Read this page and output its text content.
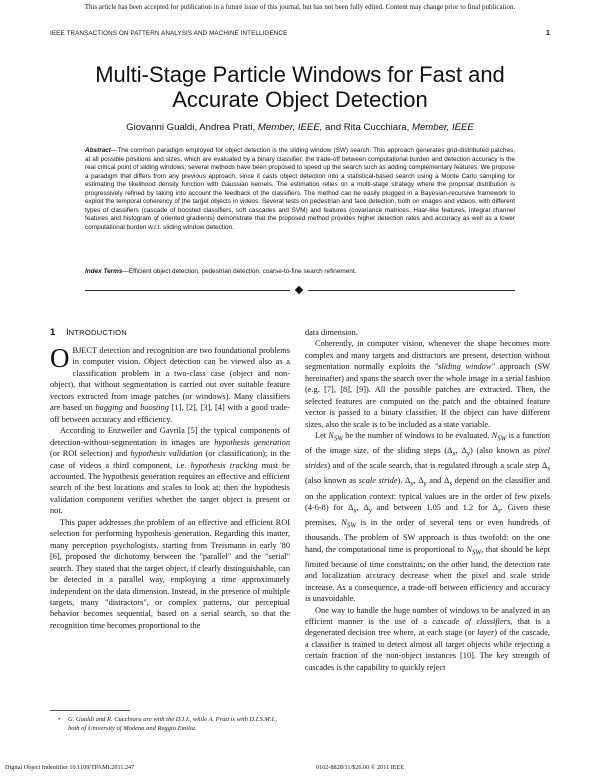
This article has been accepted for publication in a future issue of this journal, but has not been fully edited. Content may change prior to final publication.
IEEE TRANSACTIONS ON PATTERN ANALYSIS AND MACHINE INTELLIGENCE	1
Multi-Stage Particle Windows for Fast and
Accurate Object Detection
Giovanni Gualdi, Andrea Prati, Member, IEEE, and Rita Cucchiara, Member, IEEE
Abstract—The common paradigm employed for object detection is the sliding window (SW) search. This approach generates grid-distributed patches, at all possible positions and sizes, which are evaluated by a binary classifier: the trade-off between computational burden and detection accuracy is the real critical point of sliding windows; several methods have been proposed to speed up the search such as adding complementary features. We propose a paradigm that differs from any previous approach, since it casts object detection into a statistical-based search using a Monte Carlo sampling for estimating the likelihood density function with Gaussian kernels. The estimation relies on a multi-stage strategy where the proposal distribution is progressively refined by taking into account the feedback of the classifiers. The method can be easily plugged in a Bayesian-recursive framework to exploit the temporal coherency of the target objects in videos. Several tests on pedestrian and face detection, both on images and videos, with different types of classifiers (cascade of boosted classifiers, soft cascades and SVM) and features (covariance matrices, Haar-like features, integral channel features and histogram of oriented gradients) demonstrate that the proposed method provides higher detection rates and accuracy as well as a lower computational burden w.r.t. sliding window detection.
Index Terms—Efficient object detection, pedestrian detection, coarse-to-fine search refinement.
1 INTRODUCTION

OBJECT detection and recognition are two foundational problems in computer vision. Object detection can be viewed also as a classification problem in a two-class case (object and non-object), that without segmentation is carried out over suitable feature vectors extracted from image patches (or windows). Many classifiers are based on bagging and boosting [1], [2], [3], [4] with a good trade-off between accuracy and efficiency.

According to Enzweiler and Gavrila [5] the typical components of detection-without-segmentation in images are hypothesis generation (or ROI selection) and hypothesis validation (or classification); in the case of videos a third component, i.e. hypothesis tracking must be accounted. The hypothesis generation requires an effective and efficient search of the best locations and scales to look at; then the hypothesis validation component verifies whether the target object is present or not.

This paper addresses the problem of an effective and efficient ROI selection for performing hypothesis generation. Regarding this matter, many perception psychologists, starting from Treismann in early '80 [6], proposed the dichotomy between the "parallel" and the "serial" search. They stated that the target object, if clearly distinguishable, can be detected in a parallel way, employing a time approximately independent on the data dimension. Instead, in the presence of multiple targets, many "distractors", or complex patterns, our perceptual behavior becomes sequential, based on a serial search, so that the recognition time becomes proportional to the

• G. Gualdi and R. Cucchiara are with the D.I.I., while A. Prati is with D.I.S.M.I., both of University of Modena and Reggio Emilia.

data dimension.

Coherently, in computer vision, whenever the shape becomes more complex and many targets and distractors are present, detection without segmentation normally exploits the "sliding window" approach (SW hereinafter) and spans the search over the whole image in a serial fashion (e.g. [7], [8], [9]). All the possible patches are extracted. Then, the selected features are computed on the patch and the obtained feature vector is passed to a binary classifier. If the object can have different sizes, also the scale is to be included as a state variable.

Let $N_{SW}$ be the number of windows to be evaluated. $N_{SW}$ is a function of the image size, of the sliding steps ($\Delta_x$, $\Delta_y$) (also known as pixel strides) and of the scale search, that is regulated through a scale step $\Delta_s$ (also known as scale stride). $\Delta_x$, $\Delta_y$ and $\Delta_s$ depend on the classifier and on the application context: typical values are in the order of few pixels (4-6-8) for $\Delta_x$, $\Delta_y$ and between 1.05 and 1.2 for $\Delta_s$. Given these premises, $N_{SW}$ is in the order of several tens or even hundreds of thousands. The problem of SW approach is thus twofold: on the one hand, the computational time is proportional to $N_{SW}$, that should be kept limited because of time constraints; on the other hand, the detection rate and localization accuracy decrease when the pixel and scale stride increase. As a consequence, a trade-off between efficiency and accuracy is unavoidable.

One way to handle the huge number of windows to be analyzed in an efficient manner is the use of a cascade of classifiers, that is a degenerated decision tree where, at each stage (or layer) of the cascade, a classifier is trained to detect almost all target objects while rejecting a certain fraction of the non-object instances [10]. The key strength of cascades is the capability to quickly reject

Digital Object Indentifier 10.1109/TPAMI.2011.247	0162-8828/11/$26.00 © 2011 IEEE
